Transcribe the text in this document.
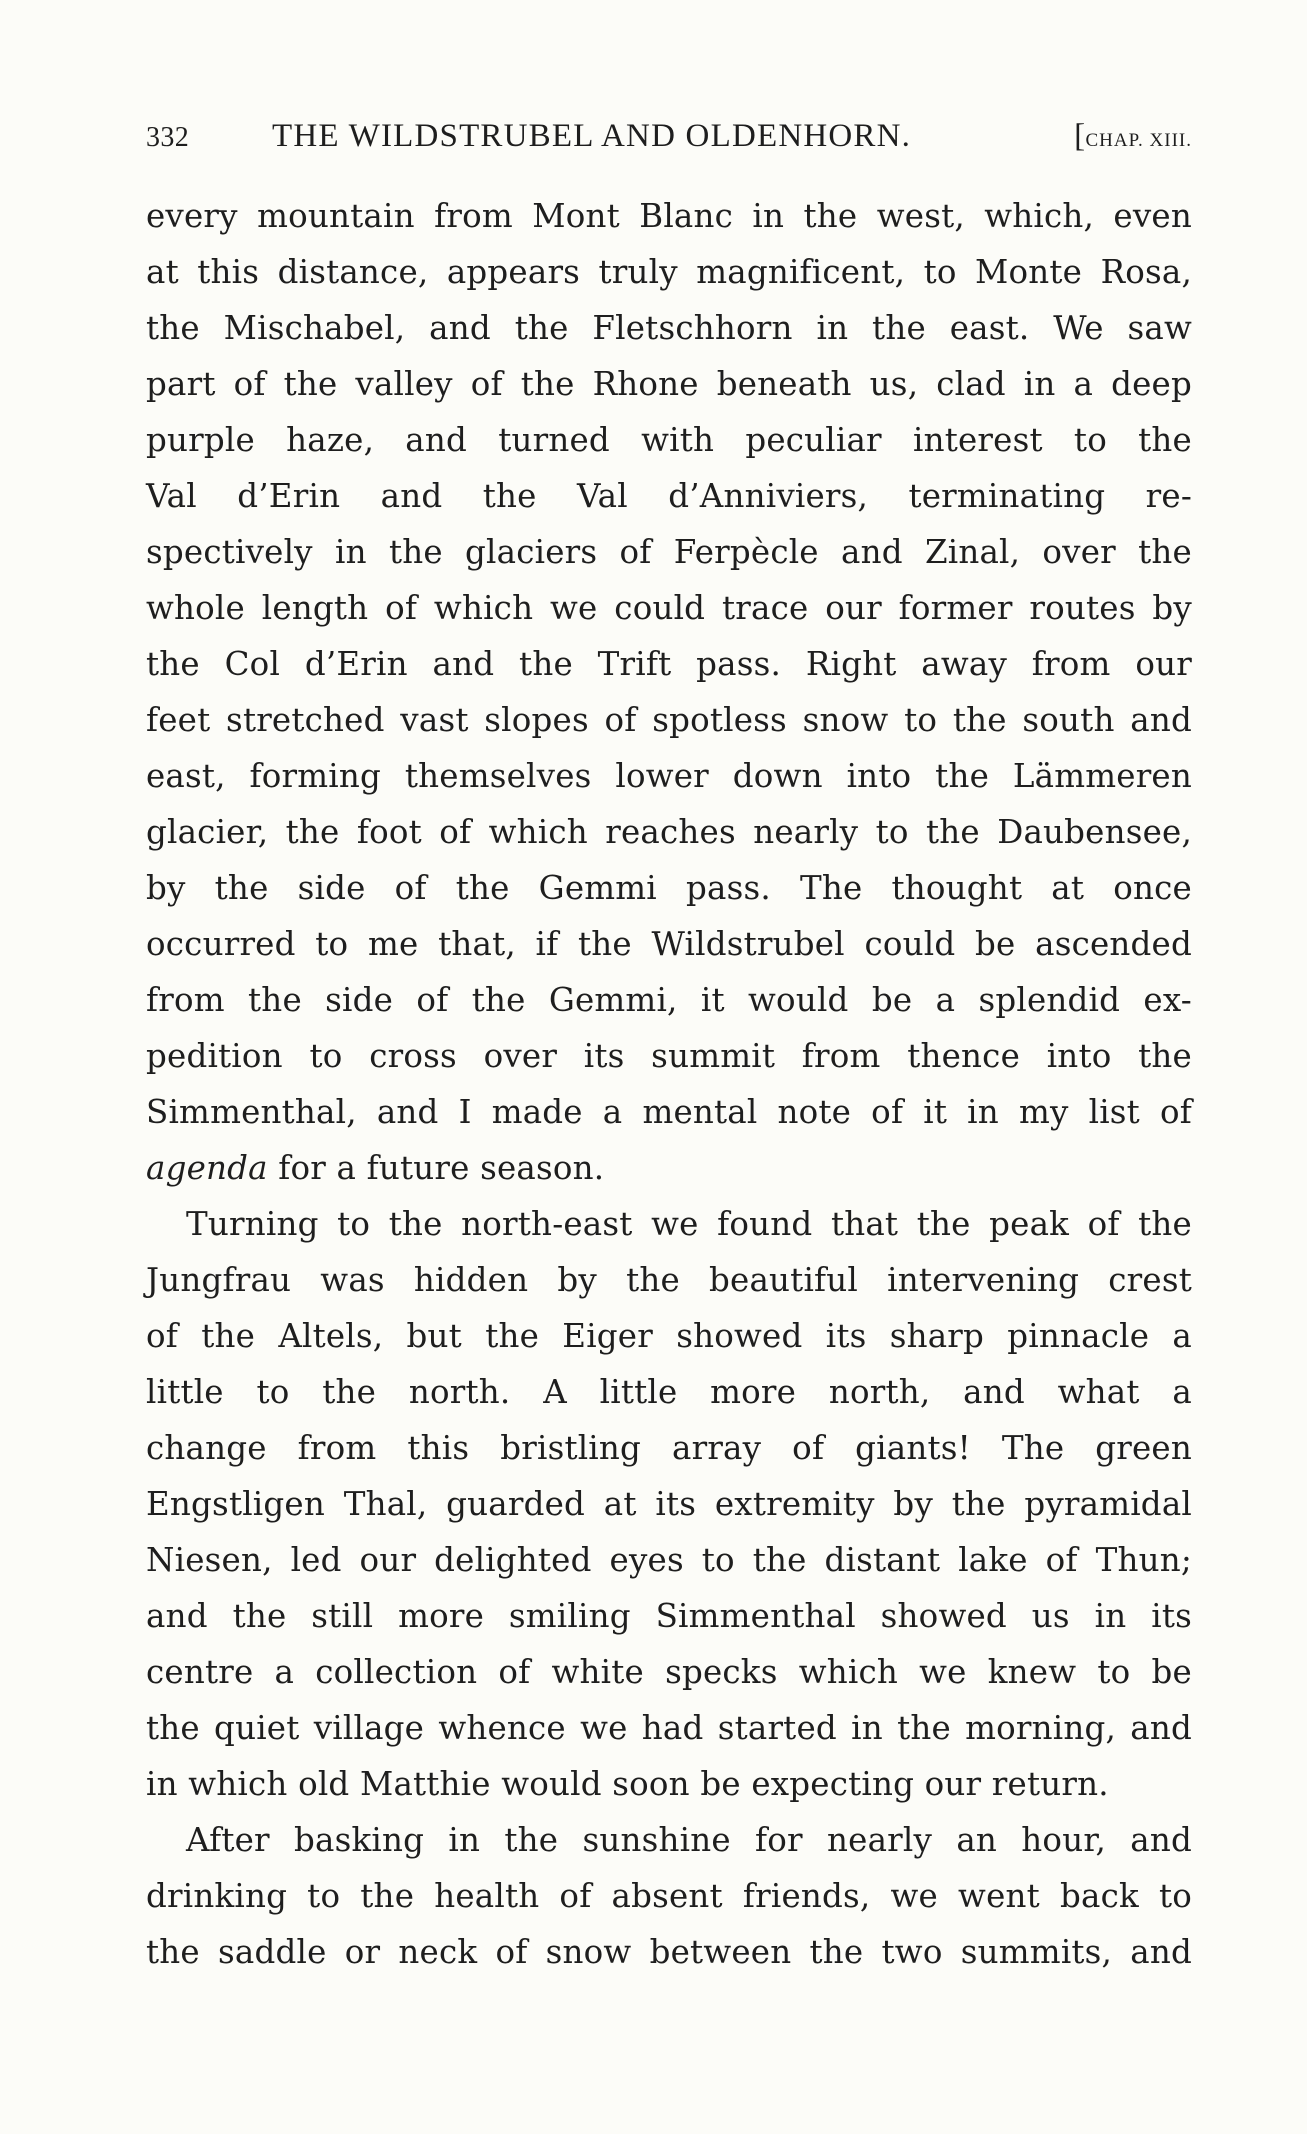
332	THE WILDSTRUBEL AND OLDENHORN.	[CHAP. XIII.
every mountain from Mont Blanc in the west, which, even
at this distance, appears truly magnificent, to Monte Rosa,
the Mischabel, and the Fletschhorn in the east. We saw
part of the valley of the Rhone beneath us, clad in a deep
purple haze, and turned with peculiar interest to the
Val d’Erin and the Val d’Anniviers, terminating re-
spectively in the glaciers of Ferpècle and Zinal, over the
whole length of which we could trace our former routes by
the Col d’Erin and the Trift pass. Right away from our
feet stretched vast slopes of spotless snow to the south and
east, forming themselves lower down into the Lämmeren
glacier, the foot of which reaches nearly to the Daubensee,
by the side of the Gemmi pass. The thought at once
occurred to me that, if the Wildstrubel could be ascended
from the side of the Gemmi, it would be a splendid ex-
pedition to cross over its summit from thence into the
Simmenthal, and I made a mental note of it in my list of
agenda for a future season.
Turning to the north-east we found that the peak of the
Jungfrau was hidden by the beautiful intervening crest
of the Altels, but the Eiger showed its sharp pinnacle a
little to the north. A little more north, and what a
change from this bristling array of giants! The green
Engstligen Thal, guarded at its extremity by the pyramidal
Niesen, led our delighted eyes to the distant lake of Thun;
and the still more smiling Simmenthal showed us in its
centre a collection of white specks which we knew to be
the quiet village whence we had started in the morning, and
in which old Matthie would soon be expecting our return.
After basking in the sunshine for nearly an hour, and
drinking to the health of absent friends, we went back to
the saddle or neck of snow between the two summits, and
